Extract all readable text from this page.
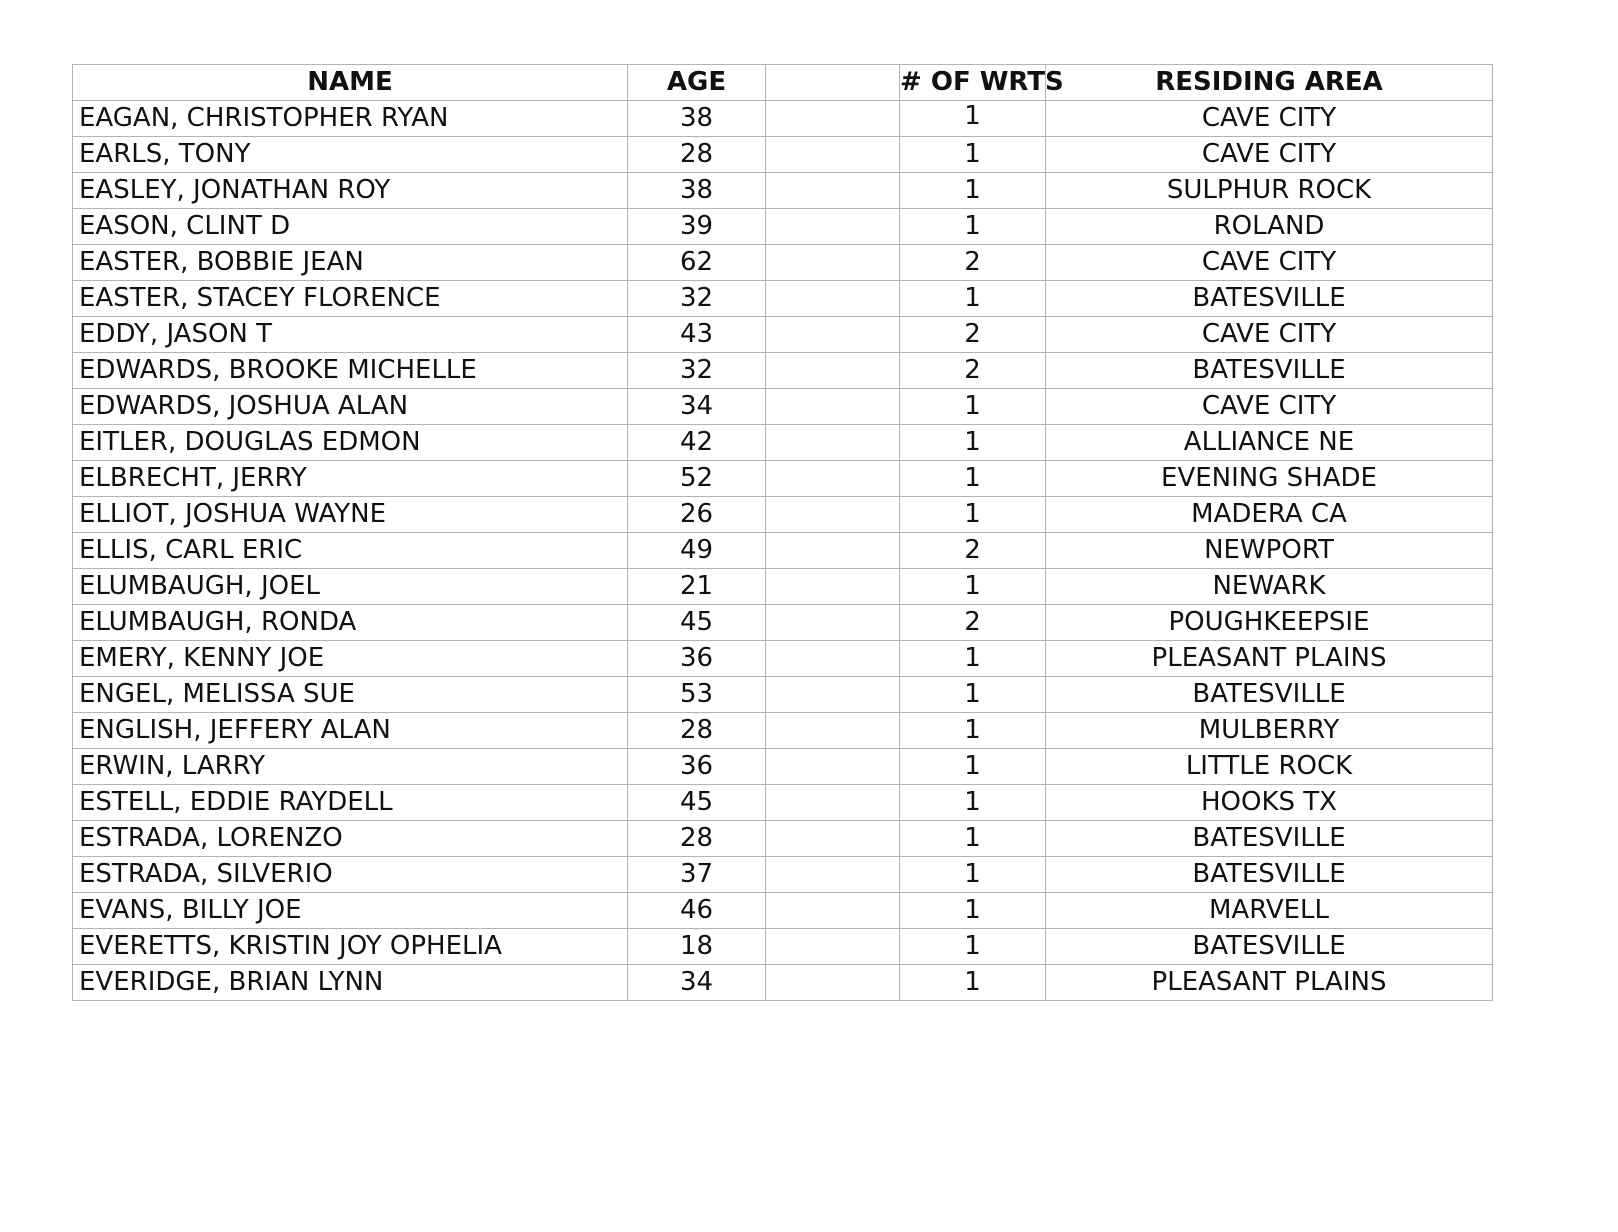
NAME	AGE		# OF WRTS	RESIDING AREA
EAGAN, CHRISTOPHER RYAN	38		1	CAVE CITY
EARLS, TONY	28		1	CAVE CITY
EASLEY, JONATHAN ROY	38		1	SULPHUR ROCK
EASON, CLINT D	39		1	ROLAND
EASTER, BOBBIE JEAN	62		2	CAVE CITY
EASTER, STACEY FLORENCE	32		1	BATESVILLE
EDDY, JASON T	43		2	CAVE CITY
EDWARDS, BROOKE MICHELLE	32		2	BATESVILLE
EDWARDS, JOSHUA ALAN	34		1	CAVE CITY
EITLER, DOUGLAS EDMON	42		1	ALLIANCE NE
ELBRECHT, JERRY	52		1	EVENING SHADE
ELLIOT, JOSHUA WAYNE	26		1	MADERA CA
ELLIS, CARL ERIC	49		2	NEWPORT
ELUMBAUGH, JOEL	21		1	NEWARK
ELUMBAUGH, RONDA	45		2	POUGHKEEPSIE
EMERY, KENNY JOE	36		1	PLEASANT PLAINS
ENGEL, MELISSA SUE	53		1	BATESVILLE
ENGLISH, JEFFERY ALAN	28		1	MULBERRY
ERWIN, LARRY	36		1	LITTLE ROCK
ESTELL, EDDIE RAYDELL	45		1	HOOKS TX
ESTRADA, LORENZO	28		1	BATESVILLE
ESTRADA, SILVERIO	37		1	BATESVILLE
EVANS, BILLY JOE	46		1	MARVELL
EVERETTS, KRISTIN JOY OPHELIA	18		1	BATESVILLE
EVERIDGE, BRIAN LYNN	34		1	PLEASANT PLAINS
